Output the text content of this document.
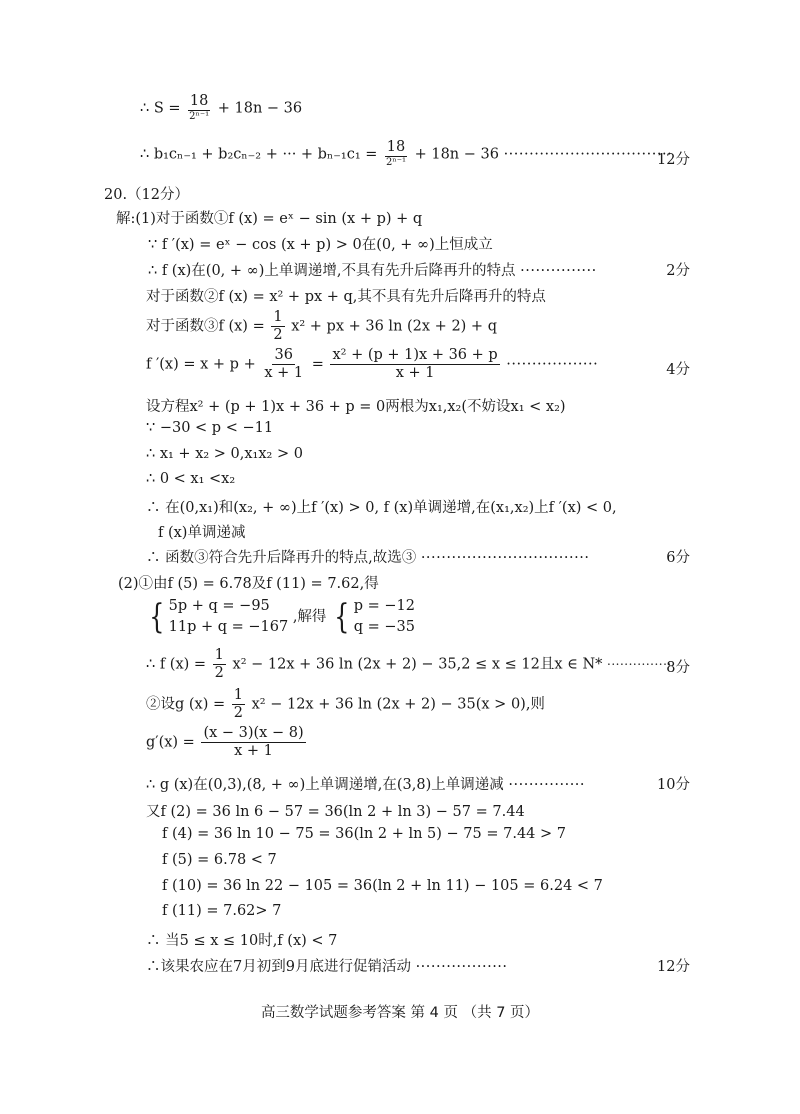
∴ $S = \frac{18}{\text{2ⁿ⁻¹}} + 18n - 36$
∴ b₁cₙ₋₁ + b₂cₙ₋₂ + ··· + $b_{n-1}c_1 = \frac{18}{\text{2ⁿ⁻¹}} + 18n - 36$ ·································
12分
20.（12分）
解:(1)对于函数①f (x) = eˣ − sin (x + p) + q
∵ f ′(x) = eˣ − cos (x + p) > 0在(0, + ∞)上恒成立
∴ f (x)在(0, + ∞)上单调递增,不具有先升后降再升的特点 ···············	2分
对于函数②f (x) = x² + px + q,其不具有先升后降再升的特点
对于函数③f $(x) = \frac{1}{2} x^2$ + px + 36 ln (2x + 2) + q
f $'(x) = x + p + \frac{36}{x + 1} = \frac{\text{x² + (p + 1)x + 36 + p}}{x + 1}$ ··················	4分
设方程x² + (p + 1)x + 36 + p = 0两根为x₁,x₂(不妨设x₁ < x₂)
∵ −30 < p < −11
∴ x₁ + x₂ > 0,x₁x₂ > 0
∴ 0 < x₁ <x₂
∴ 在(0,x₁)和(x₂, + ∞)上f ′(x) > 0, f (x)单调递增,在(x₁,x₂)上f ′(x) < 0,
f (x)单调递减
∴ 函数③符合先升后降再升的特点,故选③ ·································	6分
(2)①由f (5) = 6.78及f (11) = 7.62,得
{ 5p + q = −95
11p + q = −167
,解得 { p = −12
q = −35
∴ f $(x) = \frac{1}{2} x^2 - 12x + 36$ ln (2x + 2) − 35,2 ≤ x ≤ 12且x ∈ N* ···············
8分
②设g $(x) = \frac{1}{2} x^2 - 12x + 36$ ln (2x + 2) − 35(x > 0),则
$g'(x) = \frac{(x - 3)(x - 8)}{x + 1}$
∴ g (x)在(0,3),(8, + ∞)上单调递增,在(3,8)上单调递减 ···············	10分
又f (2) = 36 ln 6 − 57 = 36(ln 2 + ln 3) − 57 = 7.44
f (4) = 36 ln 10 − 75 = 36(ln 2 + ln 5) − 75 = 7.44 > 7
f (5) = 6.78 < 7
f (10) = 36 ln 22 − 105 = 36(ln 2 + ln 11) − 105 = 6.24 < 7
f (11) = 7.62> 7
∴ 当5 ≤ x ≤ 10时,f (x) < 7
∴该果农应在7月初到9月底进行促销活动 ··················	12分
高三数学试题参考答案 第 4 页 （共 7 页）
